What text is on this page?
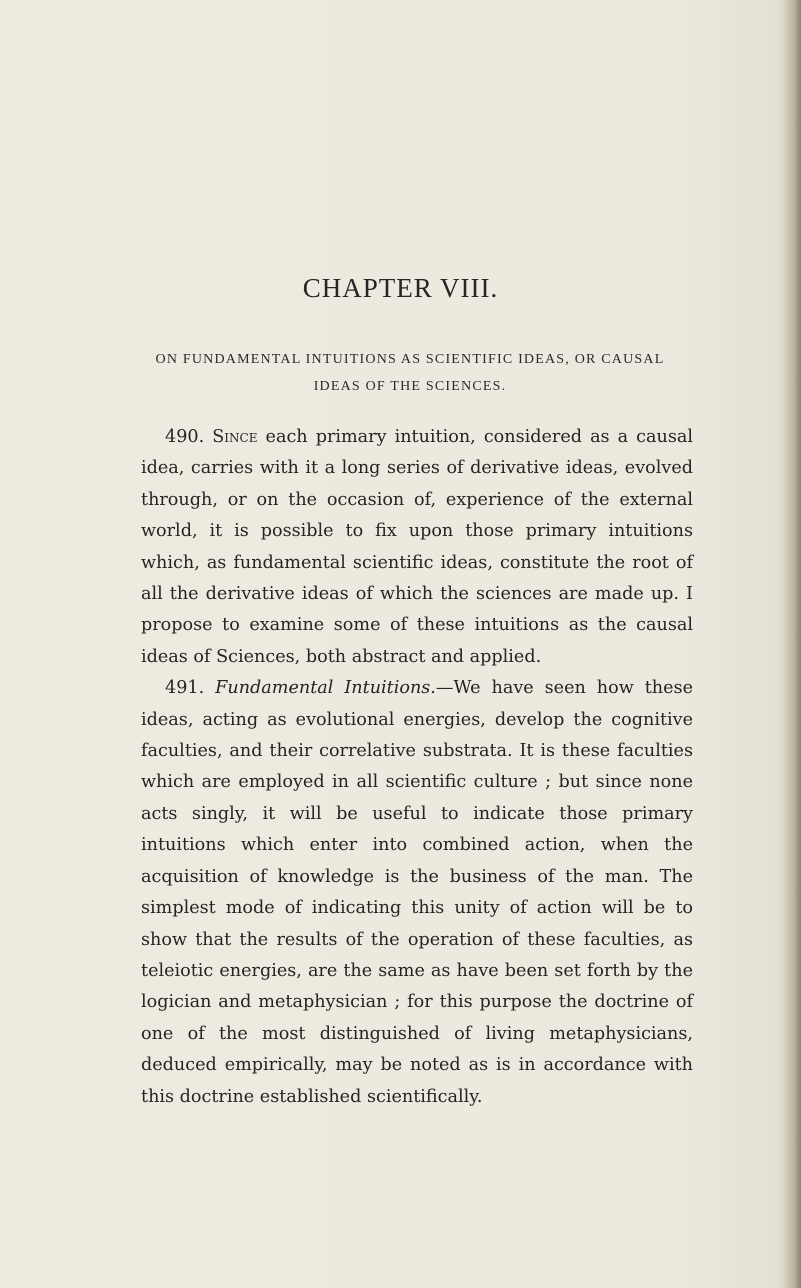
CHAPTER VIII.
ON FUNDAMENTAL INTUITIONS AS SCIENTIFIC IDEAS, OR CAUSAL IDEAS OF THE SCIENCES.

490. Since each primary intuition, considered as a causal idea, carries with it a long series of derivative ideas, evolved through, or on the occasion of, experience of the external world, it is possible to fix upon those primary intuitions which, as fundamental scientific ideas, constitute the root of all the derivative ideas of which the sciences are made up. I propose to examine some of these intuitions as the causal ideas of Sciences, both abstract and applied.

491. Fundamental Intuitions.—We have seen how these ideas, acting as evolutional energies, develop the cognitive faculties, and their correlative substrata. It is these faculties which are employed in all scientific culture ; but since none acts singly, it will be useful to indicate those primary intuitions which enter into combined action, when the acquisition of knowledge is the business of the man. The simplest mode of indicating this unity of action will be to show that the results of the operation of these faculties, as teleiotic energies, are the same as have been set forth by the logician and metaphysician ; for this purpose the doctrine of one of the most distinguished of living metaphysicians, deduced empirically, may be noted as is in accordance with this doctrine established scientifically.
